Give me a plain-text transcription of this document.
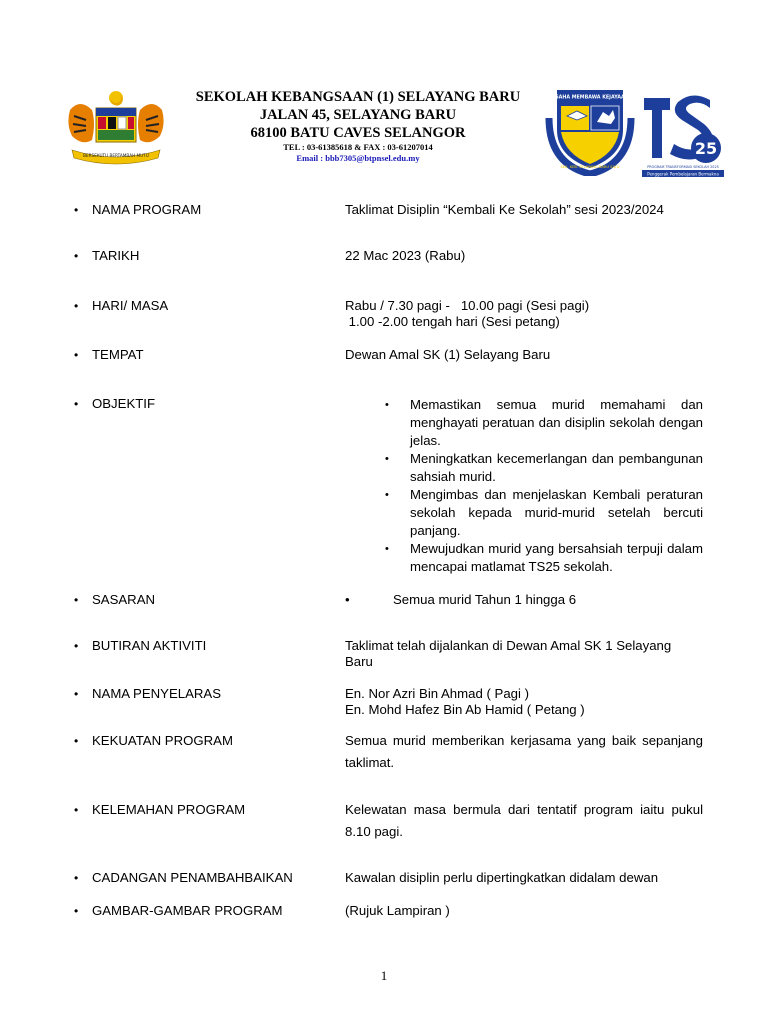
BERSEKUTU BERTAMBAH MUTU
SEKOLAH KEBANGSAAN (1) SELAYANG BARU
JALAN 45, SELAYANG BARU
68100 BATU CAVES SELANGOR
TEL : 03-61385618 & FAX : 03-61207014
Email : bbb7305@btpnsel.edu.my
USAHA MEMBAWA KEJAYAAN
SEK. KEB. SELAYANG BARU SATU
25
PROGRAM TRANSFORMASI SEKOLAH 2025
Penggerak Pembelajaran Bermakna
• NAMA PROGRAM	Taklimat Disiplin “Kembali Ke Sekolah” sesi 2023/2024
• TARIKH	22 Mac 2023 (Rabu)
• HARI/ MASA	Rabu / 7.30 pagi -   10.00 pagi (Sesi pagi)
1.00 -2.00 tengah hari (Sesi petang)
• TEMPAT	Dewan Amal SK (1) Selayang Baru
• OBJEKTIF	• Memastikan semua murid memahami dan menghayati peratuan dan disiplin sekolah dengan jelas.
• Meningkatkan kecemerlangan dan pembangunan sahsiah murid.
• Mengimbas dan menjelaskan Kembali peraturan sekolah kepada murid-murid setelah bercuti panjang.
• Mewujudkan murid yang bersahsiah terpuji dalam mencapai matlamat TS25 sekolah.
• SASARAN	•	Semua murid Tahun 1 hingga 6
• BUTIRAN AKTIVITI	Taklimat telah dijalankan di Dewan Amal SK 1 Selayang
Baru
• NAMA PENYELARAS	En. Nor Azri Bin Ahmad ( Pagi )
En. Mohd Hafez Bin Ab Hamid ( Petang )
• KEKUATAN PROGRAM	Semua murid memberikan kerjasama yang baik sepanjang taklimat.
• KELEMAHAN PROGRAM	Kelewatan masa bermula dari tentatif program iaitu pukul 8.10 pagi.
• CADANGAN PENAMBAHBAIKAN	Kawalan disiplin perlu dipertingkatkan didalam dewan
• GAMBAR-GAMBAR PROGRAM	(Rujuk Lampiran )
1
